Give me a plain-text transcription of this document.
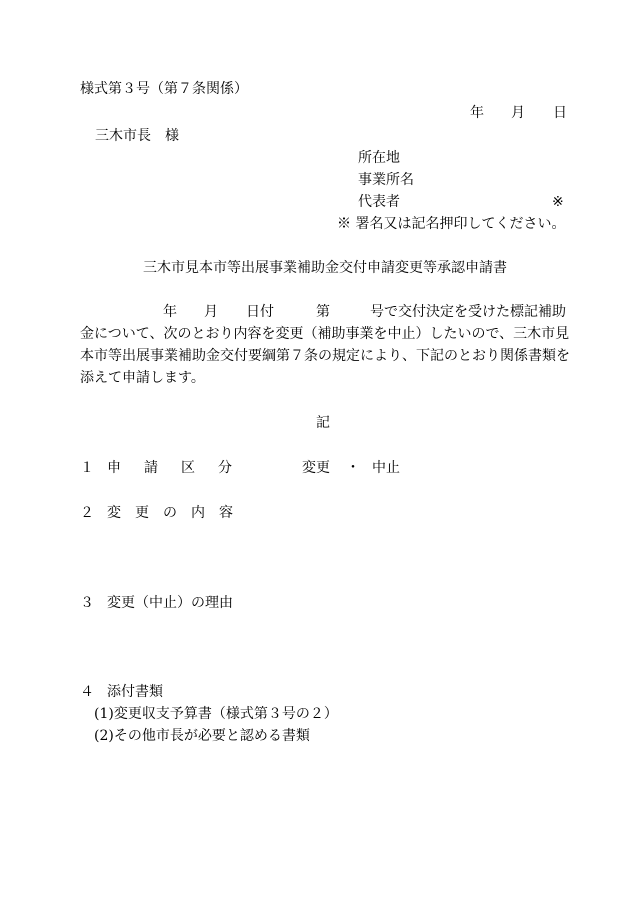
様式第３号（第７条関係）
年 月 日
三木市長　様
所在地
事業所名
代表者	※
※ 署名又は記名押印してください。
三木市見本市等出展事業補助金交付申請変更等承認申請書
年 月 日付	第	号で交付決定を受けた標記補助
金について、次のとおり内容を変更（補助事業を中止）したいので、三木市見
本市等出展事業補助金交付要綱第７条の規定により、下記のとおり関係書類を
添えて申請します。
記
１ 申 請 区 分	変更 ・ 中止
２ 変 更 の 内 容
３ 変更（中止）の理由
４ 添付書類
(1)変更収支予算書（様式第３号の２）
(2)その他市長が必要と認める書類
